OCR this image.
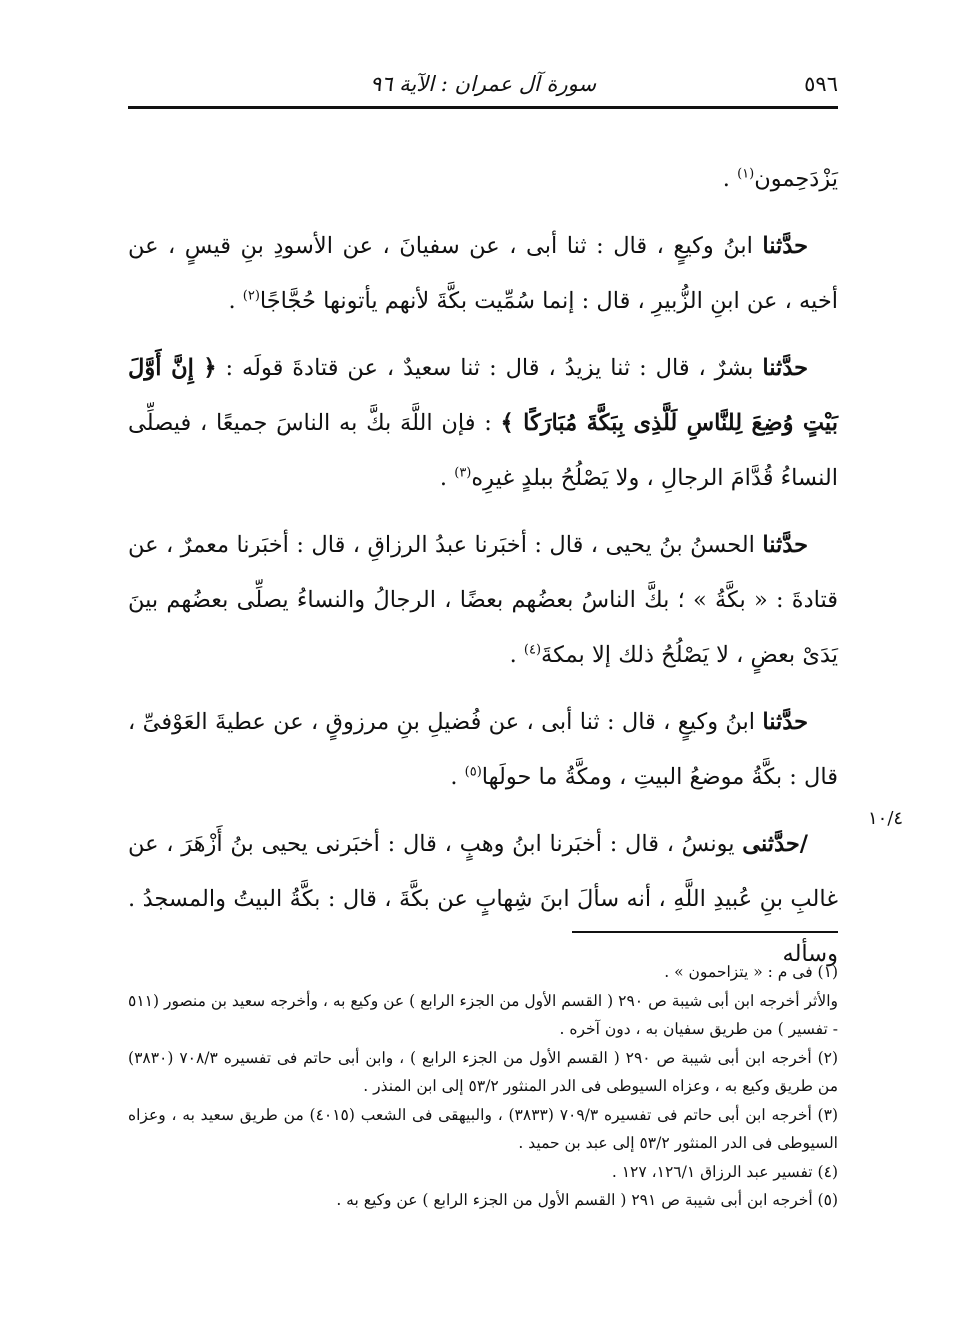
٥٩٦
سورة آل عمران : الآية ٩٦
١٠/٤

يَزْدَحِمون$^{(١)}$ .

حدَّثنا ابنُ وكيعٍ ، قال : ثنا أبى ، عن سفيانَ ، عن الأسودِ بنِ قيسٍ ، عن أخيه ، عن ابنِ الزُّبيرِ ، قال : إنما سُمِّيت بكَّةَ لأنهم يأتونها حُجَّاجًا$^{(٢)}$ .

حدَّثنا بشرٌ ، قال : ثنا يزيدُ ، قال : ثنا سعيدٌ ، عن قتادةَ قولَه : ﴿ إِنَّ أَوَّلَ بَيْتٍ وُضِعَ لِلنَّاسِ لَلَّذِى بِبَكَّةَ مُبَارَكًا ﴾ : فإن اللَّهَ بكَّ به الناسَ جميعًا ، فيصلِّى النساءُ قُدَّامَ الرجالِ ، ولا يَصْلُحُ ببلدٍ غيرِه$^{(٣)}$ .

حدَّثنا الحسنُ بنُ يحيى ، قال : أخبَرنا عبدُ الرزاقِ ، قال : أخبَرنا معمرٌ ، عن قتادةَ : « بكَّةُ » ؛ بكَّ الناسُ بعضُهم بعضًا ، الرجالُ والنساءُ يصلِّى بعضُهم بينَ يَدَىْ بعضٍ ، لا يَصْلُحُ ذلك إلا بمكةَ$^{(٤)}$ .

حدَّثنا ابنُ وكيعٍ ، قال : ثنا أبى ، عن فُضيلِ بنِ مرزوقٍ ، عن عطيةَ العَوْفىِّ ، قال : بكَّةُ موضعُ البيتِ ، ومكَّةُ ما حولَها$^{(٥)}$ .

/حدَّثنى يونسُ ، قال : أخبَرنا ابنُ وهبٍ ، قال : أخبَرنى يحيى بنُ أَزْهَرَ ، عن غالبِ بنِ عُبيدِ اللَّهِ ، أنه سألَ ابنَ شِهابٍ عن بكَّةَ ، قال : بكَّةُ البيتُ والمسجدُ . وسأله

(١) فى م : « يتزاحمون » .

والأثر أخرجه ابن أبى شيبة ص ٢٩٠ ( القسم الأول من الجزء الرابع ) عن وكيع به ، وأخرجه سعيد بن منصور (٥١١ - تفسير ) من طريق سفيان به ، دون آخره .

(٢) أخرجه ابن أبى شيبة ص ٢٩٠ ( القسم الأول من الجزء الرابع ) ، وابن أبى حاتم فى تفسيره ٧٠٨/٣ (٣٨٣٠) من طريق وكيع به ، وعزاه السيوطى فى الدر المنثور ٥٣/٢ إلى ابن المنذر .

(٣) أخرجه ابن أبى حاتم فى تفسيره ٧٠٩/٣ (٣٨٣٣) ، والبيهقى فى الشعب (٤٠١٥) من طريق سعيد به ، وعزاه السيوطى فى الدر المنثور ٥٣/٢ إلى عبد بن حميد .

(٤) تفسير عبد الرزاق ١٢٦/١، ١٢٧ .

(٥) أخرجه ابن أبى شيبة ص ٢٩١ ( القسم الأول من الجزء الرابع ) عن وكيع به .
